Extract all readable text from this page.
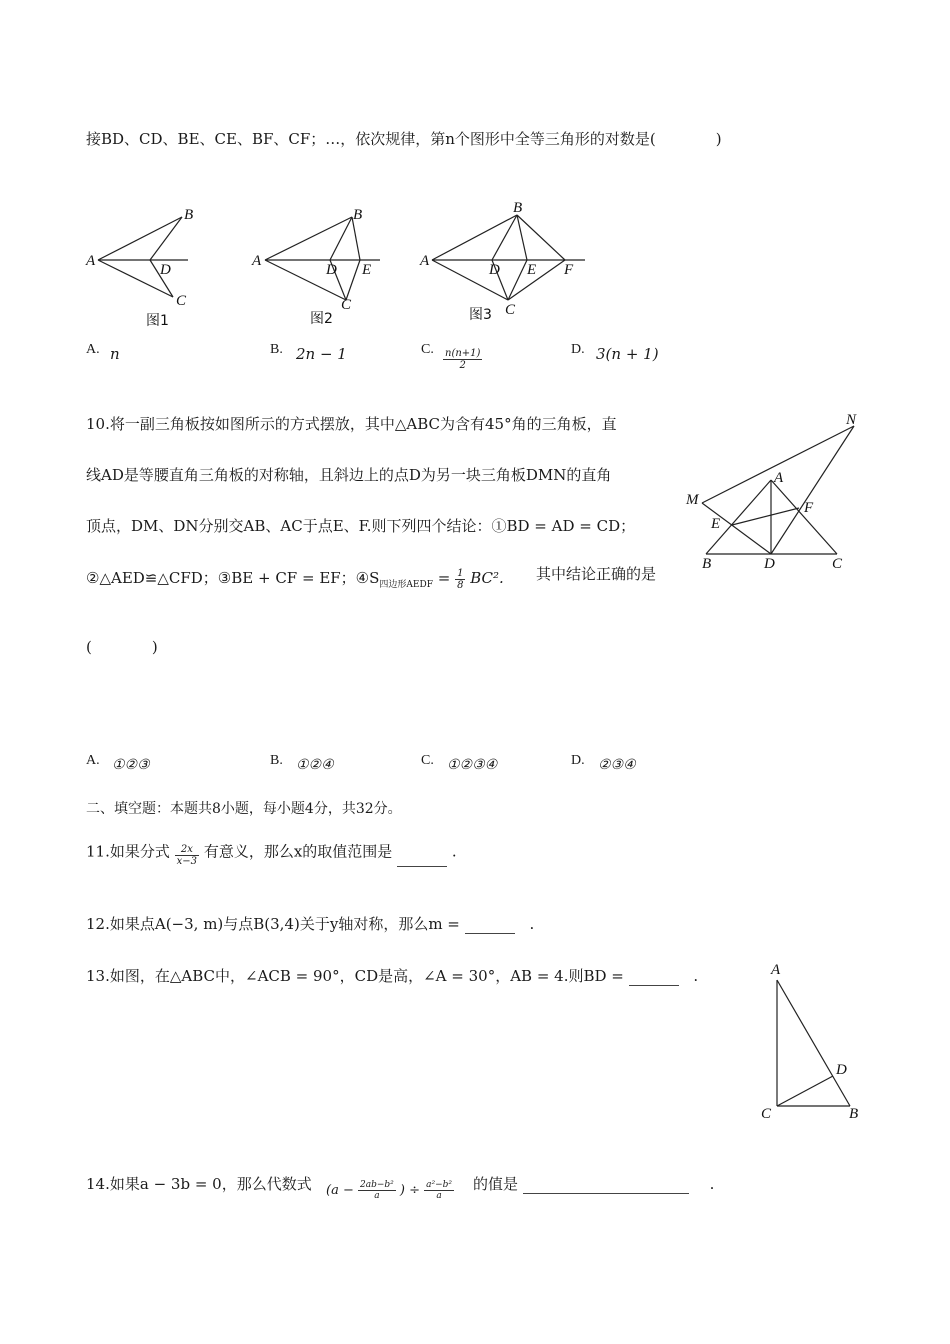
接BD、CD、BE、CE、BF、CF；…，依次规律，第n个图形中全等三角形的对数是(　　　　)
A
B
D
C
图1
A
B
D E
C
图2
A
B
D E F
C
图3
A. n	B. 2n − 1	C. $\frac{n(n+1)}{2}$	D. 3(n + 1)
10.将一副三角板按如图所示的方式摆放，其中△ABC为含有45°角的三角板，直
线AD是等腰直角三角板的对称轴，且斜边上的点D为另一块三角板DMN的直角
顶点，DM、DN分别交AB、AC于点E、F.则下列四个结论：①BD = AD = CD；
②△AED≌△CFD；③BE + CF = EF；$④S_{四边形AEDF} = \frac{1}{8} BC^2$. 其中结论正确的是
(　　　　)
N
A
M	F
E
B	D	C
A. ①②③	B. ①②④	C. ①②③④	D. ②③④
二、填空题：本题共8小题，每小题4分，共32分。
11.如果分式 $\frac{2x}{x-3}$ 有意义，那么x的取值范围是	.
12.如果点A(−3, m)与点B(3,4)关于y轴对称，那么m =	.
13.如图，在△ABC中，∠ACB = 90°，CD是高，∠A = 30°，AB = 4.则BD =	.	A
D
C	B
14.如果a − 3b = 0，那么代数式 ($a - \frac{\text{2ab−b²}}{a}$ ) ÷ $\frac{\text{a²−b²}}{a}$ 的值是	.
